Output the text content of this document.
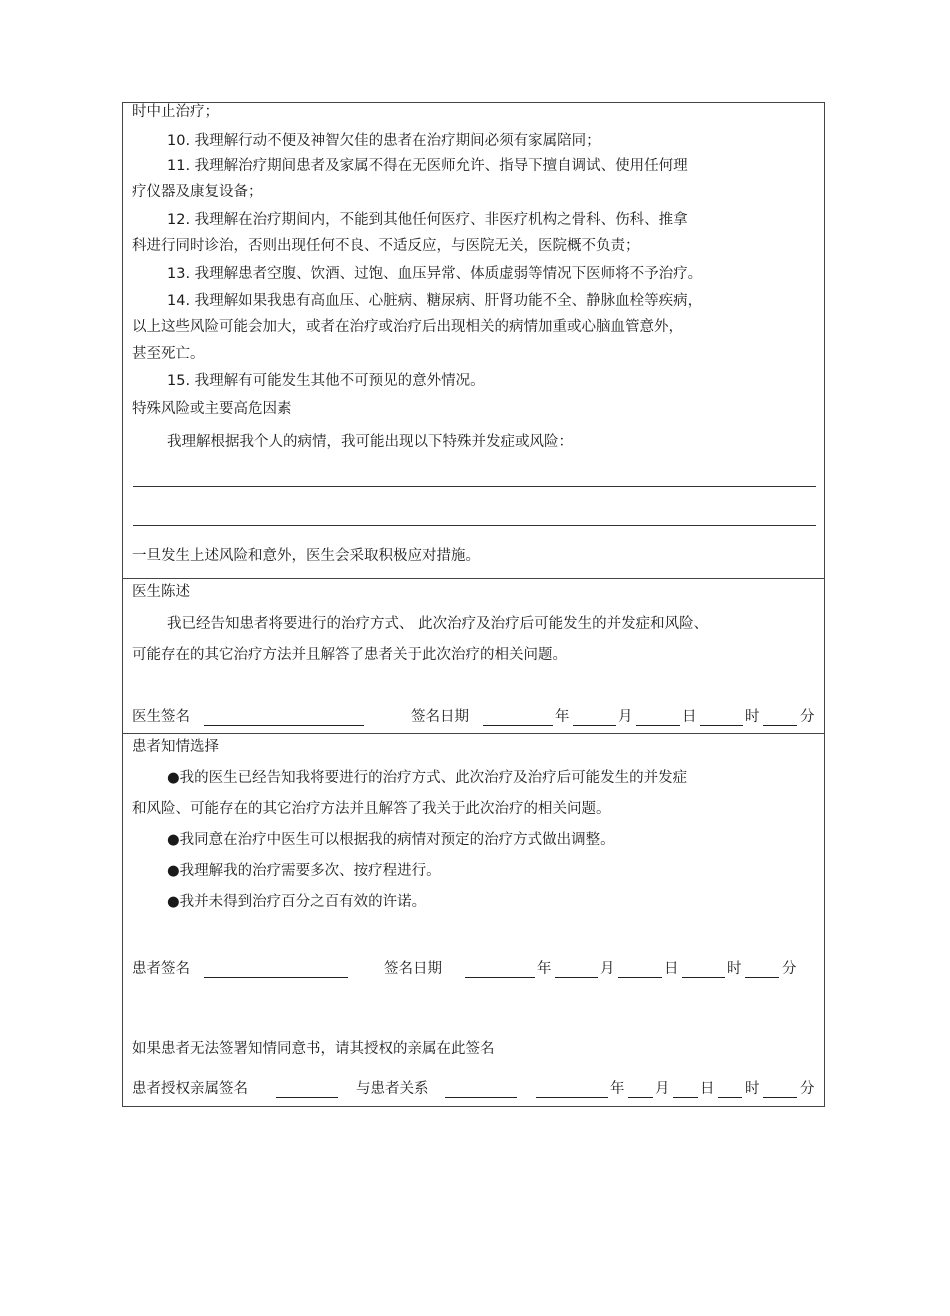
时中止治疗；
10. 我理解行动不便及神智欠佳的患者在治疗期间必须有家属陪同；
11. 我理解治疗期间患者及家属不得在无医师允许、指导下擅自调试、使用任何理
疗仪器及康复设备；
12. 我理解在治疗期间内，不能到其他任何医疗、非医疗机构之骨科、伤科、推拿
科进行同时诊治，否则出现任何不良、不适反应，与医院无关，医院概不负责；
13. 我理解患者空腹、饮酒、过饱、血压异常、体质虚弱等情况下医师将不予治疗。
14. 我理解如果我患有高血压、心脏病、糖尿病、肝肾功能不全、静脉血栓等疾病，
以上这些风险可能会加大，或者在治疗或治疗后出现相关的病情加重或心脑血管意外，
甚至死亡。
15. 我理解有可能发生其他不可预见的意外情况。
特殊风险或主要高危因素
我理解根据我个人的病情，我可能出现以下特殊并发症或风险：
一旦发生上述风险和意外，医生会采取积极应对措施。
医生陈述
我已经告知患者将要进行的治疗方式、 此次治疗及治疗后可能发生的并发症和风险、
可能存在的其它治疗方法并且解答了患者关于此次治疗的相关问题。
医生签名	签名日期	年	月	日	时	分
患者知情选择
●我的医生已经告知我将要进行的治疗方式、此次治疗及治疗后可能发生的并发症
和风险、可能存在的其它治疗方法并且解答了我关于此次治疗的相关问题。
●我同意在治疗中医生可以根据我的病情对预定的治疗方式做出调整。
●我理解我的治疗需要多次、按疗程进行。
●我并未得到治疗百分之百有效的许诺。
患者签名	签名日期	年	月	日	时	分
如果患者无法签署知情同意书，请其授权的亲属在此签名
患者授权亲属签名	与患者关系	年 月 日 时	分
